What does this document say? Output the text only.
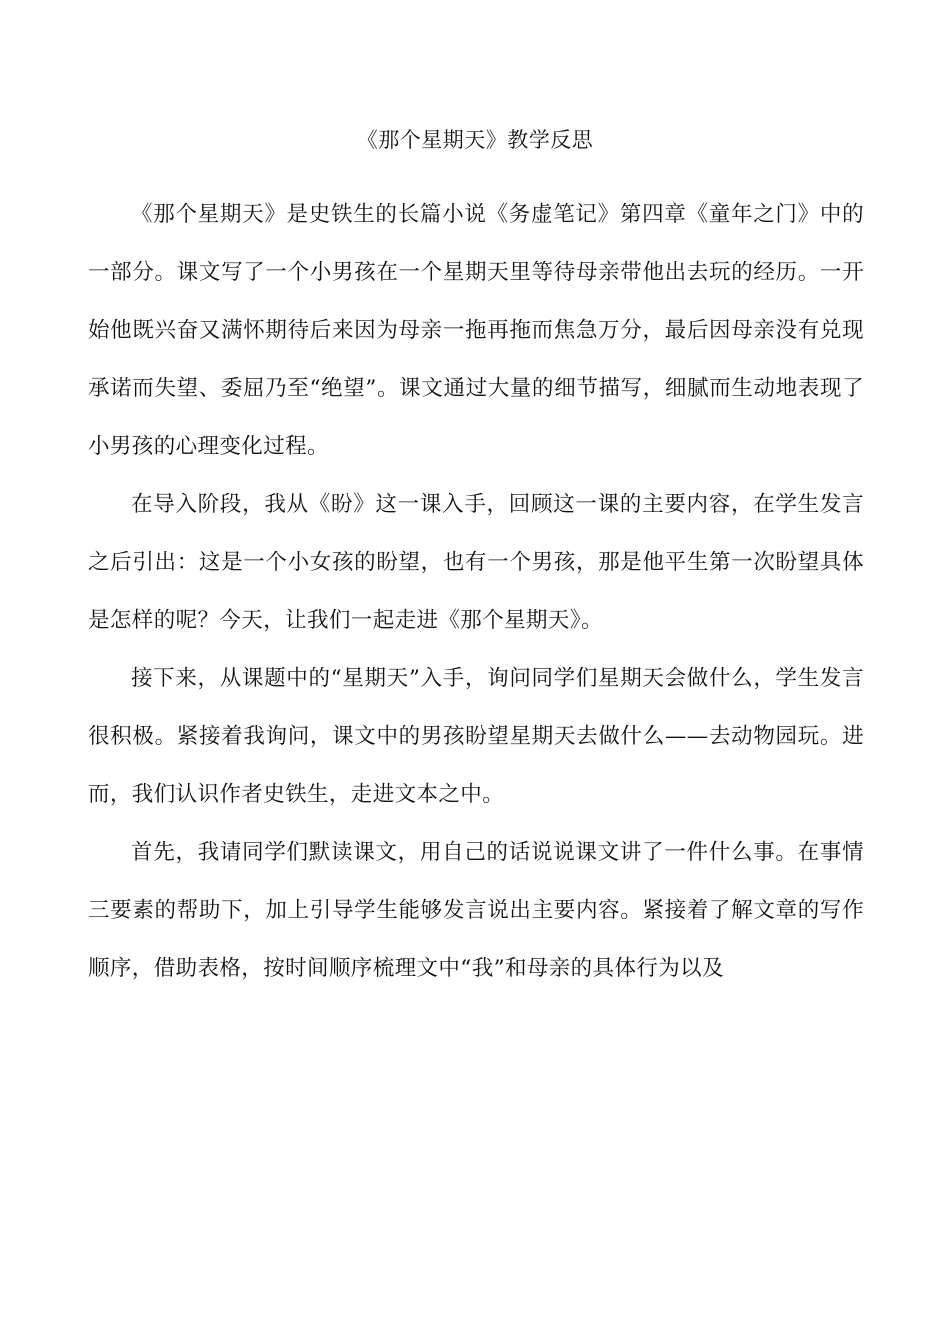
《那个星期天》教学反思

《那个星期天》是史铁生的长篇小说《务虚笔记》第四章《童年之门》中的一部分。课文写了一个小男孩在一个星期天里等待母亲带他出去玩的经历。一开始他既兴奋又满怀期待后来因为母亲一拖再拖而焦急万分，最后因母亲没有兑现承诺而失望、委屈乃至“绝望”。课文通过大量的细节描写，细腻而生动地表现了小男孩的心理变化过程。

在导入阶段，我从《盼》这一课入手，回顾这一课的主要内容，在学生发言之后引出：这是一个小女孩的盼望，也有一个男孩，那是他平生第一次盼望具体是怎样的呢？今天，让我们一起走进《那个星期天》。

接下来，从课题中的“星期天”入手，询问同学们星期天会做什么，学生发言很积极。紧接着我询问，课文中的男孩盼望星期天去做什么——去动物园玩。进而，我们认识作者史铁生，走进文本之中。

首先，我请同学们默读课文，用自己的话说说课文讲了一件什么事。在事情三要素的帮助下，加上引导学生能够发言说出主要内容。紧接着了解文章的写作顺序，借助表格，按时间顺序梳理文中“我”和母亲的具体行为以及
